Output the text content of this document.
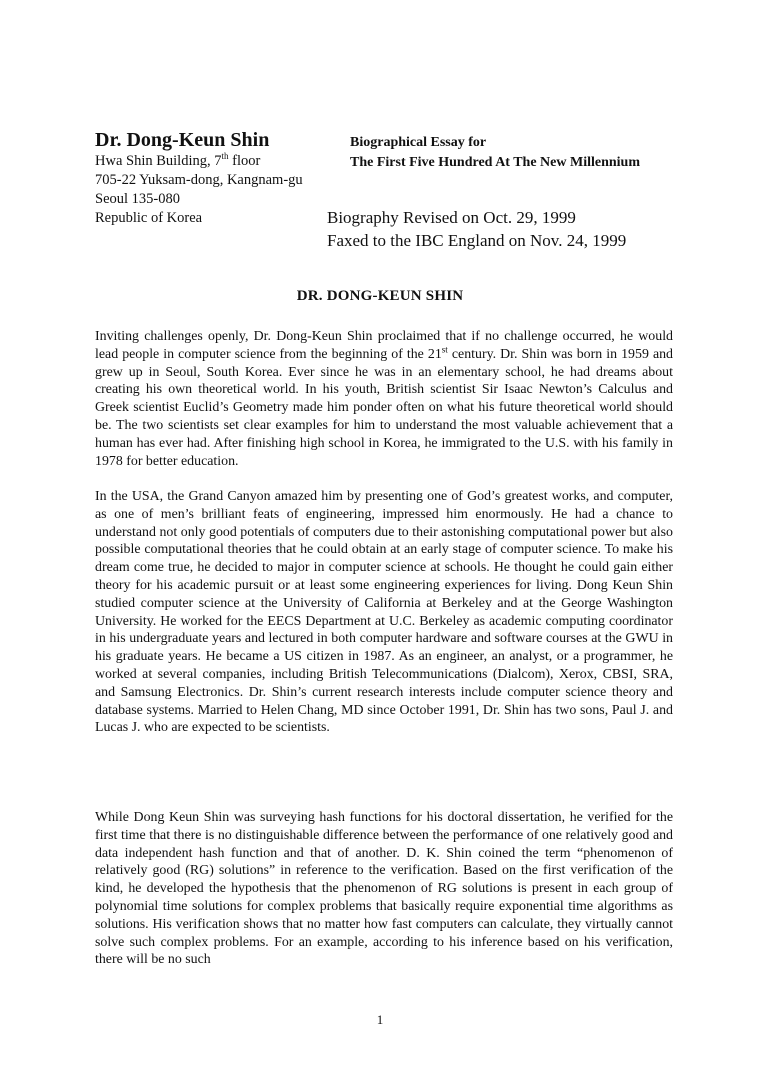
Dr. Dong-Keun Shin
Hwa Shin Building, 7th floor
705-22 Yuksam-dong, Kangnam-gu
Seoul 135-080
Republic of Korea
Biographical Essay for
The First Five Hundred At The New Millennium
Biography Revised on Oct. 29, 1999
Faxed to the IBC England on Nov. 24, 1999
DR. DONG-KEUN SHIN
Inviting challenges openly, Dr. Dong-Keun Shin proclaimed that if no challenge occurred, he would lead people in computer science from the beginning of the 21st century. Dr. Shin was born in 1959 and grew up in Seoul, South Korea. Ever since he was in an elementary school, he had dreams about creating his own theoretical world. In his youth, British scientist Sir Isaac Newton’s Calculus and Greek scientist Euclid’s Geometry made him ponder often on what his future theoretical world should be. The two scientists set clear examples for him to understand the most valuable achievement that a human has ever had. After finishing high school in Korea, he immigrated to the U.S. with his family in 1978 for better education.
In the USA, the Grand Canyon amazed him by presenting one of God’s greatest works, and computer, as one of men’s brilliant feats of engineering, impressed him enormously. He had a chance to understand not only good potentials of computers due to their astonishing computational power but also possible computational theories that he could obtain at an early stage of computer science. To make his dream come true, he decided to major in computer science at schools. He thought he could gain either theory for his academic pursuit or at least some engineering experiences for living. Dong Keun Shin studied computer science at the University of California at Berkeley and at the George Washington University. He worked for the EECS Department at U.C. Berkeley as academic computing coordinator in his undergraduate years and lectured in both computer hardware and software courses at the GWU in his graduate years. He became a US citizen in 1987. As an engineer, an analyst, or a programmer, he worked at several companies, including British Telecommunications (Dialcom), Xerox, CBSI, SRA, and Samsung Electronics. Dr. Shin’s current research interests include computer science theory and database systems. Married to Helen Chang, MD since October 1991, Dr. Shin has two sons, Paul J. and Lucas J. who are expected to be scientists.
While Dong Keun Shin was surveying hash functions for his doctoral dissertation, he verified for the first time that there is no distinguishable difference between the performance of one relatively good and data independent hash function and that of another. D. K. Shin coined the term “phenomenon of relatively good (RG) solutions” in reference to the verification. Based on the first verification of the kind, he developed the hypothesis that the phenomenon of RG solutions is present in each group of polynomial time solutions for complex problems that basically require exponential time algorithms as solutions. His verification shows that no matter how fast computers can calculate, they virtually cannot solve such complex problems. For an example, according to his inference based on his verification, there will be no such
1
